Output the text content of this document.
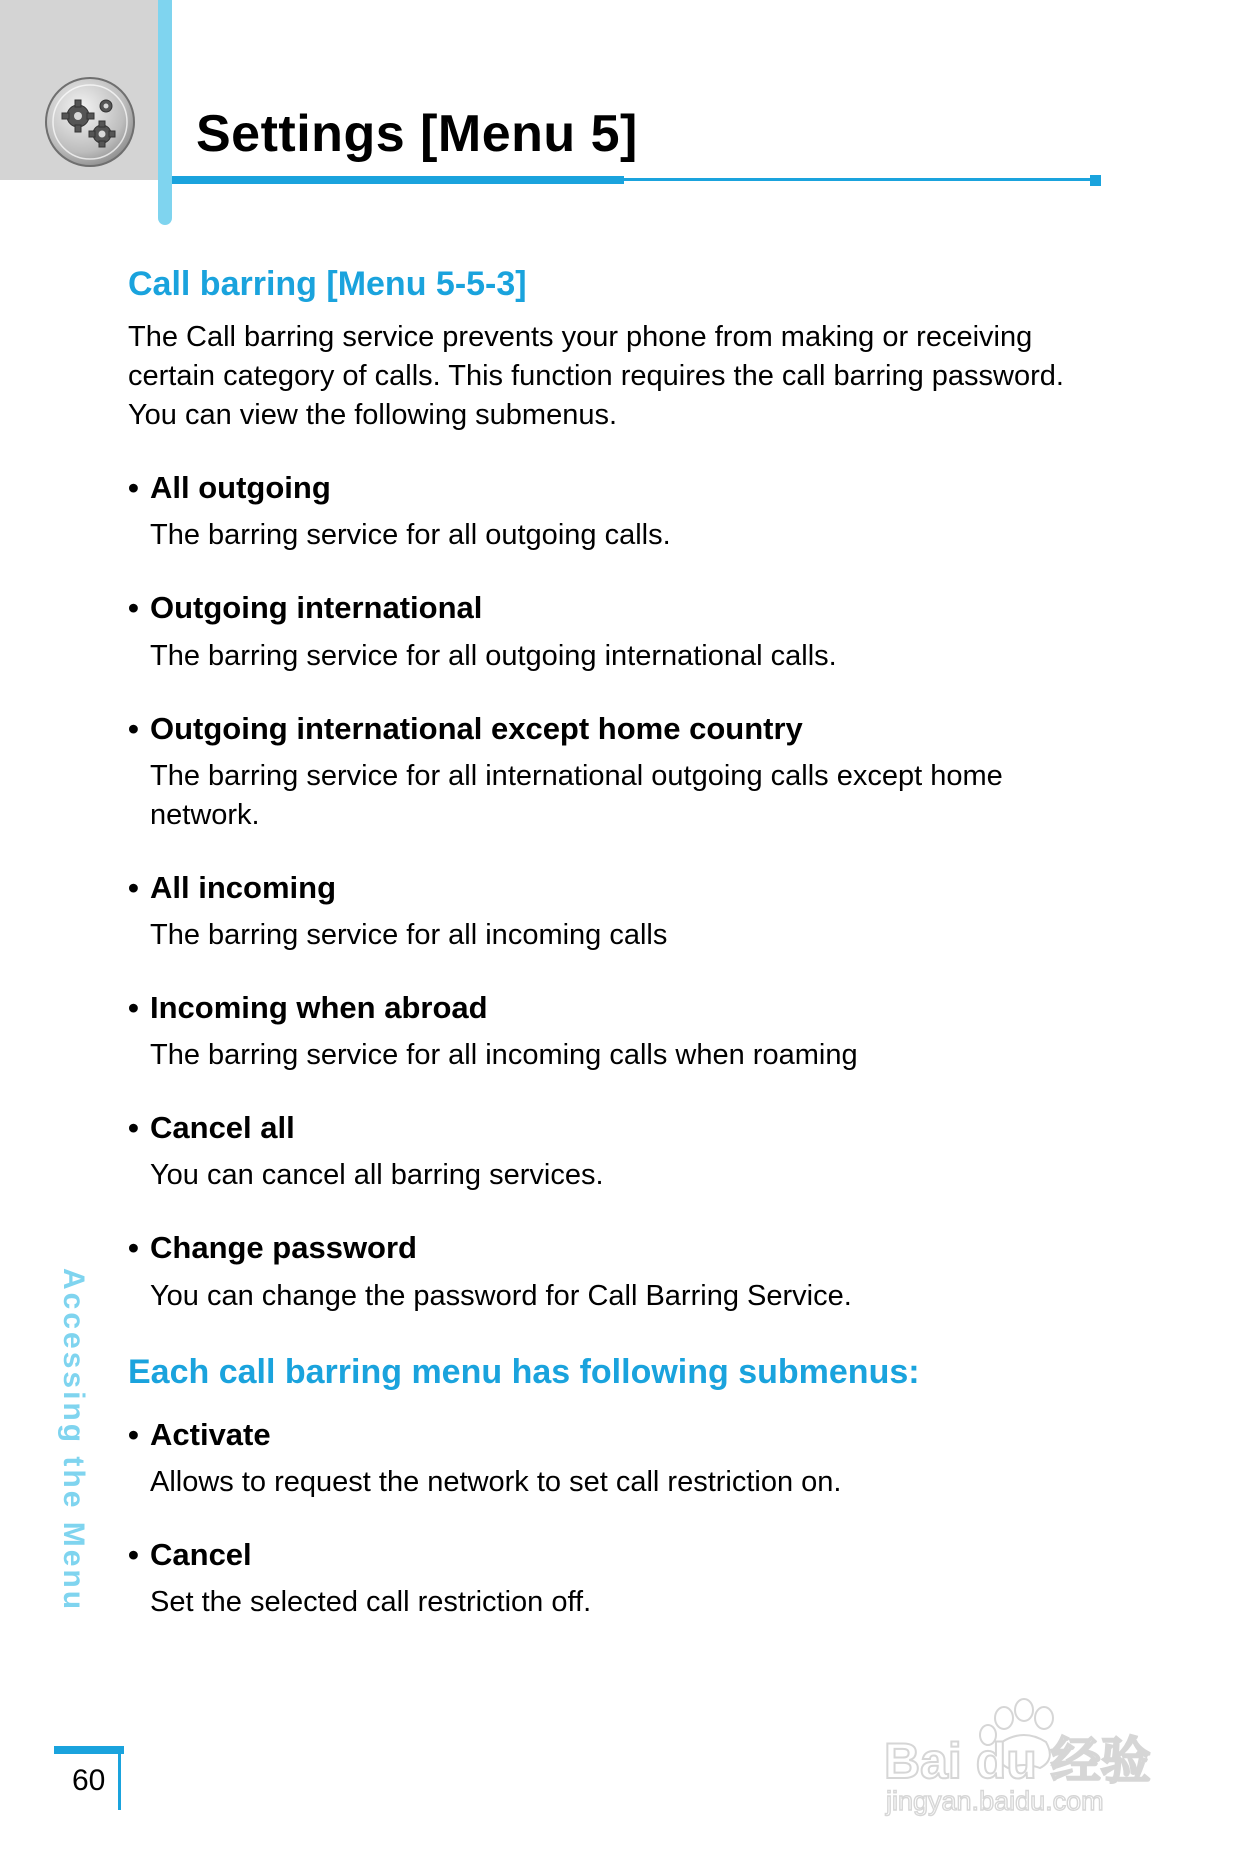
Settings [Menu 5]
Call barring [Menu 5-5-3]

The Call barring service prevents your phone from making or receiving certain category of calls. This function requires the call barring password. You can view the following submenus.

• All outgoing

The barring service for all outgoing calls.

• Outgoing international

The barring service for all outgoing international calls.

• Outgoing international except home country

The barring service for all international outgoing calls except home network.

• All incoming

The barring service for all incoming calls

• Incoming when abroad

The barring service for all incoming calls when roaming

• Cancel all

You can cancel all barring services.

• Change password

You can change the password for Call Barring Service.

Each call barring menu has following submenus:

• Activate

Allows to request the network to set call restriction on.

• Cancel

Set the selected call restriction off.

Accessing the Menu

60	Bai du 经验
jingyan.baidu.com
